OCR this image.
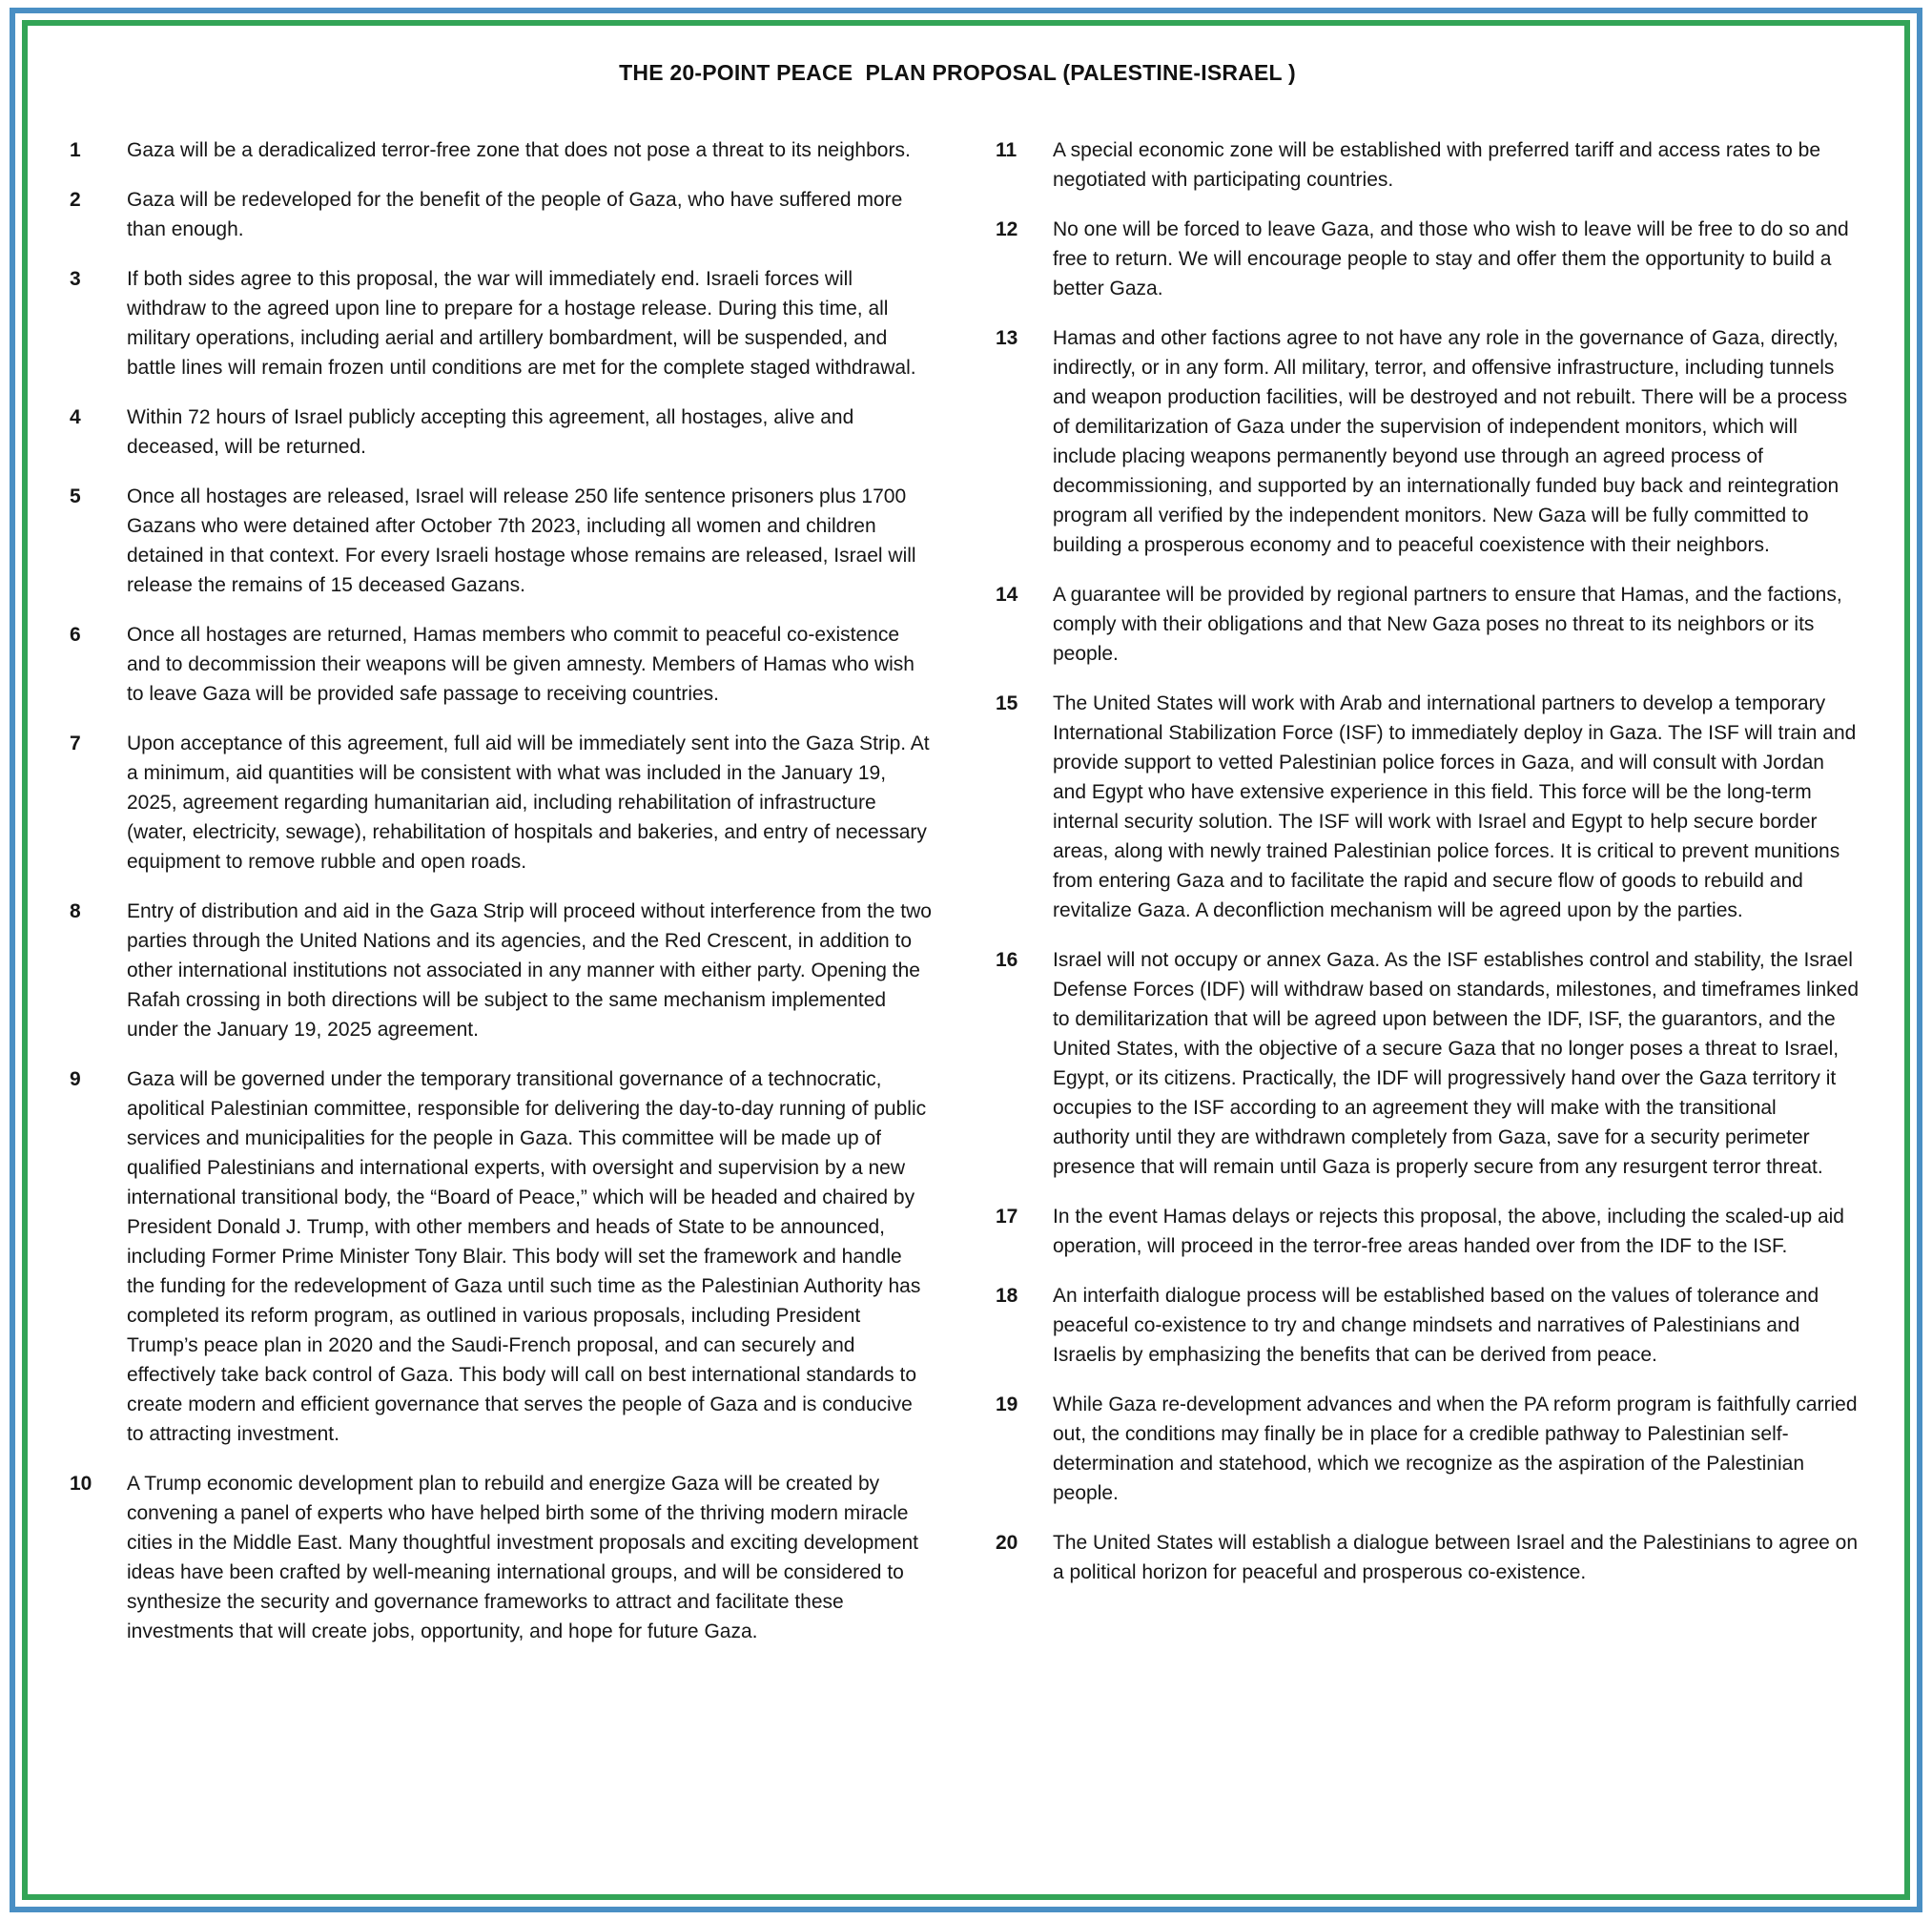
THE 20-POINT PEACE  PLAN PROPOSAL (PALESTINE-ISRAEL )
1	Gaza will be a deradicalized terror-free zone that does not pose a threat to its neighbors.
2	Gaza will be redeveloped for the benefit of the people of Gaza, who have suffered more than enough.
3	If both sides agree to this proposal, the war will immediately end. Israeli forces will withdraw to the agreed upon line to prepare for a hostage release. During this time, all military operations, including aerial and artillery bombardment, will be suspended, and battle lines will remain frozen until conditions are met for the complete staged withdrawal.
4	Within 72 hours of Israel publicly accepting this agreement, all hostages, alive and deceased, will be returned.
5	Once all hostages are released, Israel will release 250 life sentence prisoners plus 1700 Gazans who were detained after October 7th 2023, including all women and children detained in that context. For every Israeli hostage whose remains are released, Israel will release the remains of 15 deceased Gazans.
6	Once all hostages are returned, Hamas members who commit to peaceful co-existence and to decommission their weapons will be given amnesty. Members of Hamas who wish to leave Gaza will be provided safe passage to receiving countries.
7	Upon acceptance of this agreement, full aid will be immediately sent into the Gaza Strip. At a minimum, aid quantities will be consistent with what was included in the January 19, 2025, agreement regarding humanitarian aid, including rehabilitation of infrastructure (water, electricity, sewage), rehabilitation of hospitals and bakeries, and entry of necessary equipment to remove rubble and open roads.
8	Entry of distribution and aid in the Gaza Strip will proceed without interference from the two parties through the United Nations and its agencies, and the Red Crescent, in addition to other international institutions not associated in any manner with either party. Opening the Rafah crossing in both directions will be subject to the same mechanism implemented under the January 19, 2025 agreement.
9	Gaza will be governed under the temporary transitional governance of a technocratic, apolitical Palestinian committee, responsible for delivering the day-to-day running of public services and municipalities for the people in Gaza. This committee will be made up of qualified Palestinians and international experts, with oversight and supervision by a new international transitional body, the “Board of Peace,” which will be headed and chaired by President Donald J. Trump, with other members and heads of State to be announced, including Former Prime Minister Tony Blair. This body will set the framework and handle the funding for the redevelopment of Gaza until such time as the Palestinian Authority has completed its reform program, as outlined in various proposals, including President Trump’s peace plan in 2020 and the Saudi-French proposal, and can securely and effectively take back control of Gaza. This body will call on best international standards to create modern and efficient governance that serves the people of Gaza and is conducive to attracting investment.
10	A Trump economic development plan to rebuild and energize Gaza will be created by convening a panel of experts who have helped birth some of the thriving modern miracle cities in the Middle East. Many thoughtful investment proposals and exciting development ideas have been crafted by well-meaning international groups, and will be considered to synthesize the security and governance frameworks to attract and facilitate these investments that will create jobs, opportunity, and hope for future Gaza.
11	A special economic zone will be established with preferred tariff and access rates to be negotiated with participating countries.
12	No one will be forced to leave Gaza, and those who wish to leave will be free to do so and free to return. We will encourage people to stay and offer them the opportunity to build a better Gaza.
13	Hamas and other factions agree to not have any role in the governance of Gaza, directly, indirectly, or in any form. All military, terror, and offensive infrastructure, including tunnels and weapon production facilities, will be destroyed and not rebuilt. There will be a process of demilitarization of Gaza under the supervision of independent monitors, which will include placing weapons permanently beyond use through an agreed process of decommissioning, and supported by an internationally funded buy back and reintegration program all verified by the independent monitors. New Gaza will be fully committed to building a prosperous economy and to peaceful coexistence with their neighbors.
14	A guarantee will be provided by regional partners to ensure that Hamas, and the factions, comply with their obligations and that New Gaza poses no threat to its neighbors or its people.
15	The United States will work with Arab and international partners to develop a temporary International Stabilization Force (ISF) to immediately deploy in Gaza. The ISF will train and provide support to vetted Palestinian police forces in Gaza, and will consult with Jordan and Egypt who have extensive experience in this field. This force will be the long-term internal security solution. The ISF will work with Israel and Egypt to help secure border areas, along with newly trained Palestinian police forces. It is critical to prevent munitions from entering Gaza and to facilitate the rapid and secure flow of goods to rebuild and revitalize Gaza. A deconfliction mechanism will be agreed upon by the parties.
16	Israel will not occupy or annex Gaza. As the ISF establishes control and stability, the Israel Defense Forces (IDF) will withdraw based on standards, milestones, and timeframes linked to demilitarization that will be agreed upon between the IDF, ISF, the guarantors, and the United States, with the objective of a secure Gaza that no longer poses a threat to Israel, Egypt, or its citizens. Practically, the IDF will progressively hand over the Gaza territory it occupies to the ISF according to an agreement they will make with the transitional authority until they are withdrawn completely from Gaza, save for a security perimeter presence that will remain until Gaza is properly secure from any resurgent terror threat.
17	In the event Hamas delays or rejects this proposal, the above, including the scaled-up aid operation, will proceed in the terror-free areas handed over from the IDF to the ISF.
18	An interfaith dialogue process will be established based on the values of tolerance and peaceful co-existence to try and change mindsets and narratives of Palestinians and Israelis by emphasizing the benefits that can be derived from peace.
19	While Gaza re-development advances and when the PA reform program is faithfully carried out, the conditions may finally be in place for a credible pathway to Palestinian self-determination and statehood, which we recognize as the aspiration of the Palestinian people.
20	The United States will establish a dialogue between Israel and the Palestinians to agree on a political horizon for peaceful and prosperous co-existence.
